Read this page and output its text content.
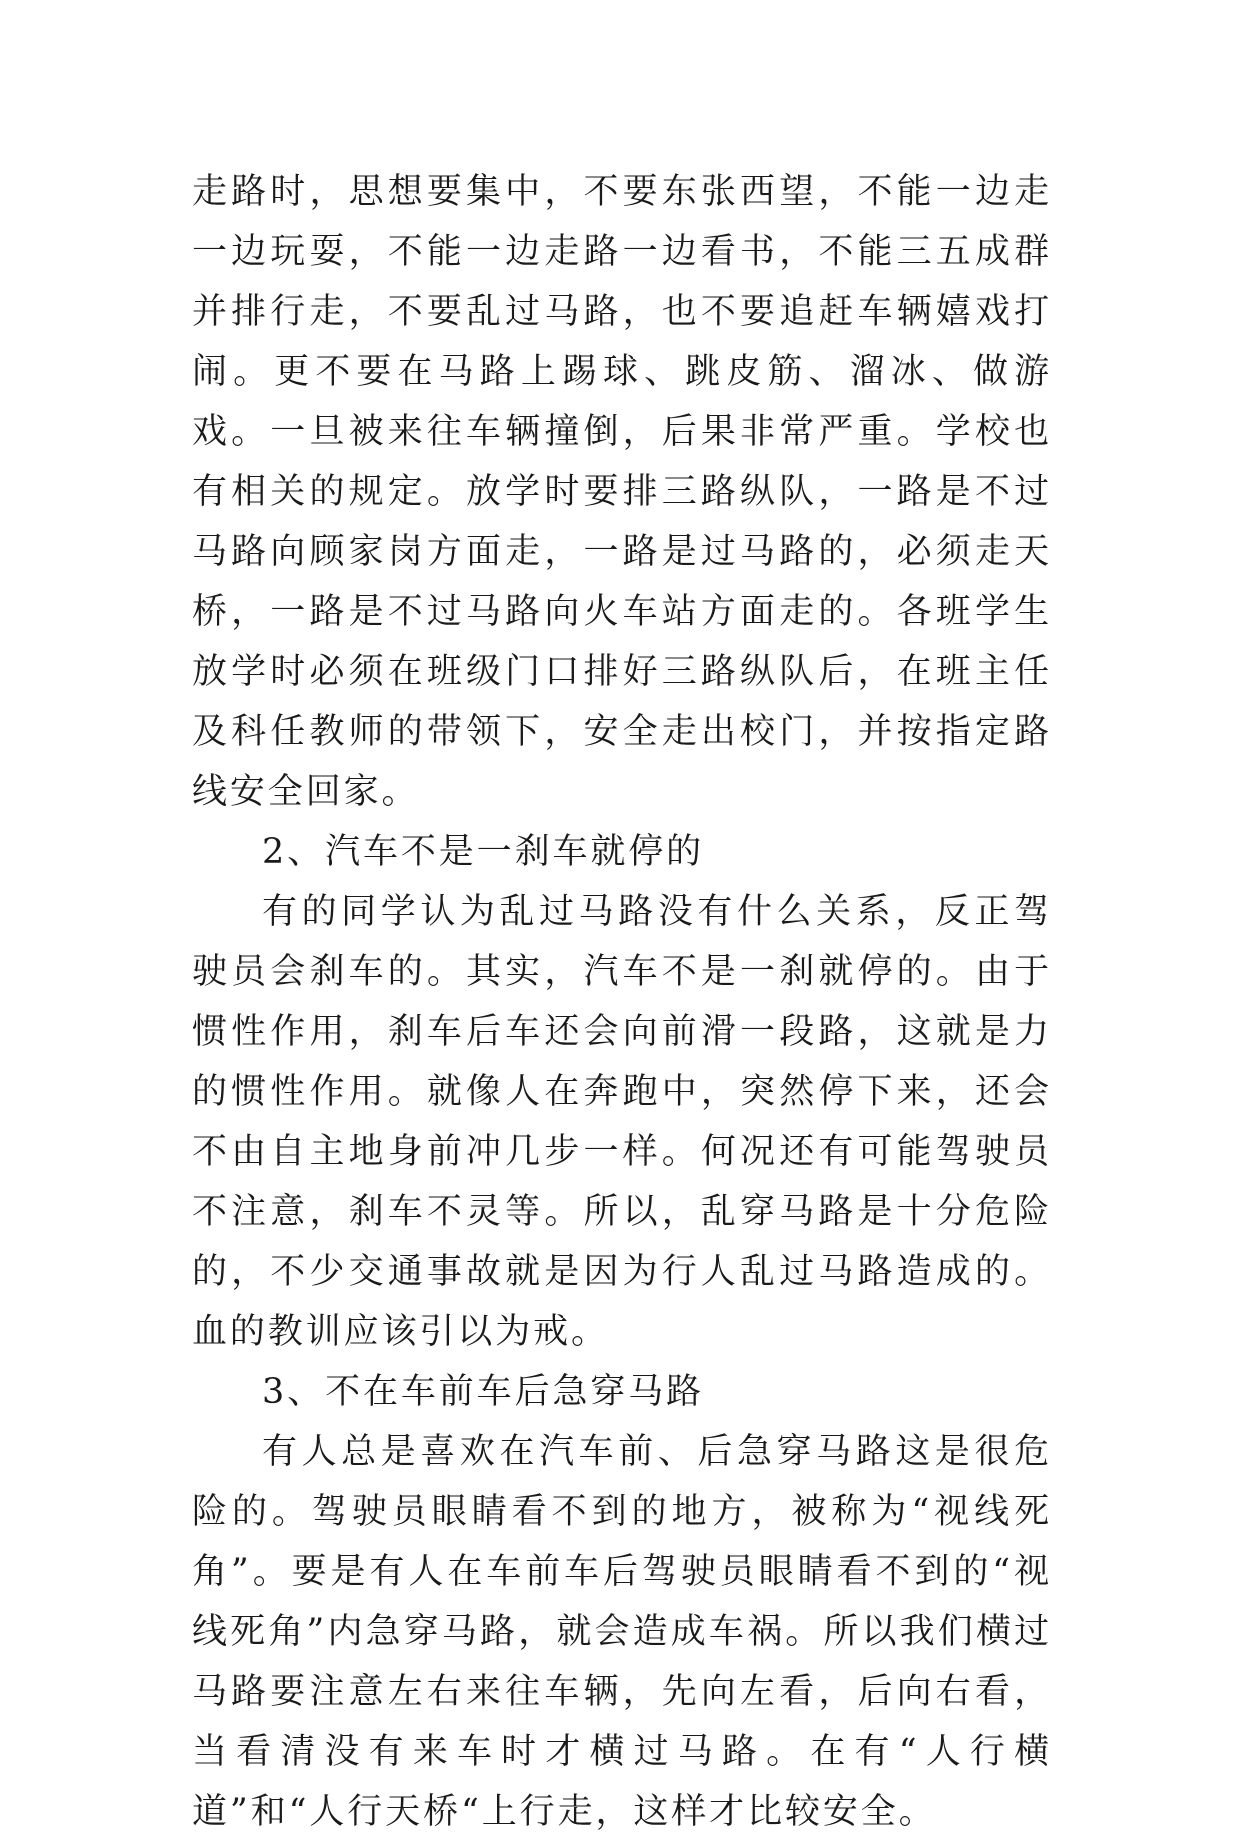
走路时，思想要集中，不要东张西望，不能一边走一边玩耍，不能一边走路一边看书，不能三五成群并排行走，不要乱过马路，也不要追赶车辆嬉戏打闹。更不要在马路上踢球、跳皮筋、溜冰、做游戏。一旦被来往车辆撞倒，后果非常严重。学校也有相关的规定。放学时要排三路纵队，一路是不过马路向顾家岗方面走，一路是过马路的，必须走天桥，一路是不过马路向火车站方面走的。各班学生放学时必须在班级门口排好三路纵队后，在班主任及科任教师的带领下，安全走出校门，并按指定路线安全回家。

2、汽车不是一刹车就停的

有的同学认为乱过马路没有什么关系，反正驾驶员会刹车的。其实，汽车不是一刹就停的。由于惯性作用，刹车后车还会向前滑一段路，这就是力的惯性作用。就像人在奔跑中，突然停下来，还会不由自主地身前冲几步一样。何况还有可能驾驶员不注意，刹车不灵等。所以，乱穿马路是十分危险的，不少交通事故就是因为行人乱过马路造成的。血的教训应该引以为戒。

3、不在车前车后急穿马路

有人总是喜欢在汽车前、后急穿马路这是很危险的。驾驶员眼睛看不到的地方，被称为“视线死角”。要是有人在车前车后驾驶员眼睛看不到的“视线死角”内急穿马路，就会造成车祸。所以我们横过马路要注意左右来往车辆，先向左看，后向右看，当看清没有来车时才横过马路。在有“人行横道”和“人行天桥“上行走，这样才比较安全。
